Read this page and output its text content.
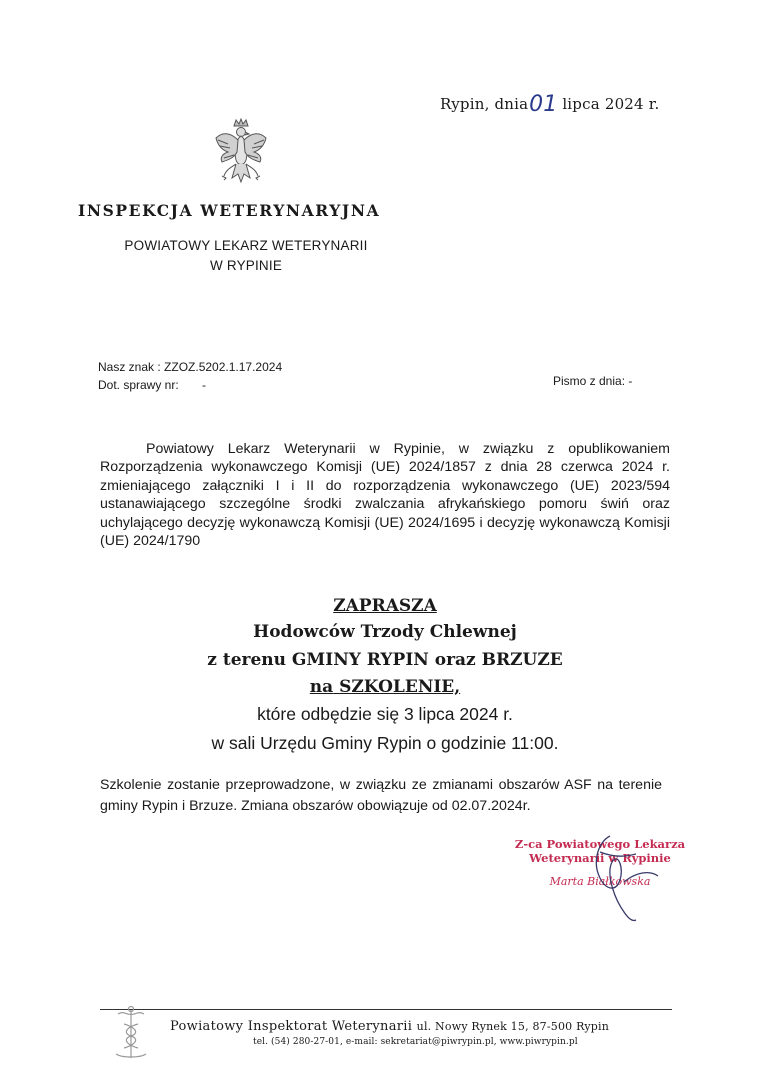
Rypin, dnia01 lipca 2024 r.
INSPEKCJA WETERYNARYJNA
POWIATOWY LEKARZ WETERYNARII
W RYPINIE
Nasz znak : ZZOZ.5202.1.17.2024
Dot. sprawy nr: -	Pismo z dnia: -
Powiatowy Lekarz Weterynarii w Rypinie, w związku z opublikowaniem Rozporządzenia wykonawczego Komisji (UE) 2024/1857 z dnia 28 czerwca 2024 r. zmieniającego załączniki I i II do rozporządzenia wykonawczego (UE) 2023/594 ustanawiającego szczególne środki zwalczania afrykańskiego pomoru świń oraz uchylającego decyzję wykonawczą Komisji (UE) 2024/1695 i decyzję wykonawczą Komisji (UE) 2024/1790
ZAPRASZA
Hodowców Trzody Chlewnej
z terenu GMINY RYPIN oraz BRZUZE
na SZKOLENIE,
które odbędzie się 3 lipca 2024 r.
w sali Urzędu Gminy Rypin o godzinie 11:00.
Szkolenie zostanie przeprowadzone, w związku ze zmianami obszarów ASF na terenie gminy Rypin i Brzuze. Zmiana obszarów obowiązuje od 02.07.2024r.
Z-ca Powiatowego Lekarza
Weterynarii w Rypinie
Marta Białkowska
Powiatowy Inspektorat Weterynarii ul. Nowy Rynek 15, 87-500 Rypin
tel. (54) 280-27-01, e-mail: sekretariat@piwrypin.pl, www.piwrypin.pl
